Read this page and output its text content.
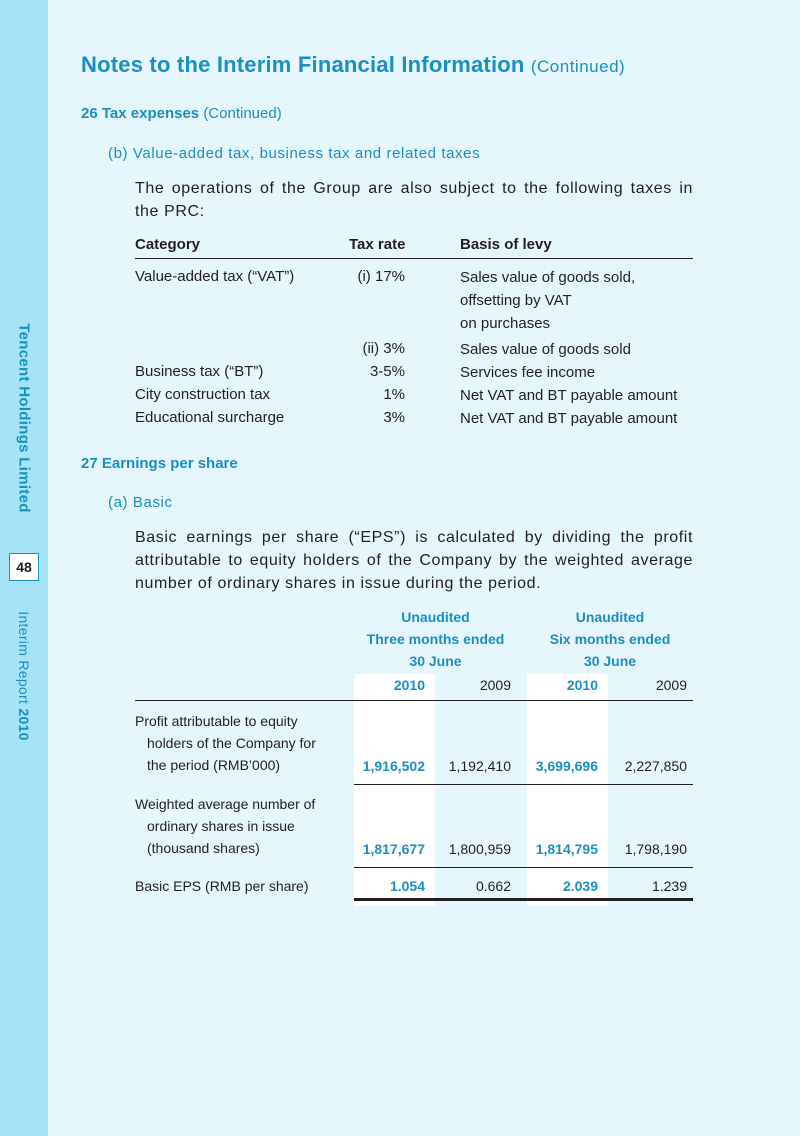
Tencent Holdings Limited
48
Interim Report 2010
Notes to the Interim Financial Information (Continued)
26 Tax expenses (Continued)

(b) Value-added tax, business tax and related taxes

The operations of the Group are also subject to the following taxes in the PRC:

Category	Tax rate	Basis of levy
Value-added tax (“VAT”)	(i) 17%	Sales value of goods sold,
offsetting by VAT
on purchases
(ii) 3%	Sales value of goods sold
Business tax (“BT”)	3-5%	Services fee income
City construction tax	1%	Net VAT and BT payable amount
Educational surcharge	3%	Net VAT and BT payable amount
27 Earnings per share

(a) Basic

Basic earnings per share (“EPS”) is calculated by dividing the profit attributable to equity holders of the Company by the weighted average number of ordinary shares in issue during the period.

Unaudited
Three months ended
30 June
Unaudited
Six months ended
30 June
2010	2009	2010	2009
Profit attributable to equity
holders of the Company for
the period (RMB’000)	1,916,502 1,192,410 3,699,696 2,227,850
Weighted average number of
ordinary shares in issue
(thousand shares)	1,817,677 1,800,959 1,814,795 1,798,190
Basic EPS (RMB per share)	1.054	0.662	2.039	1.239
